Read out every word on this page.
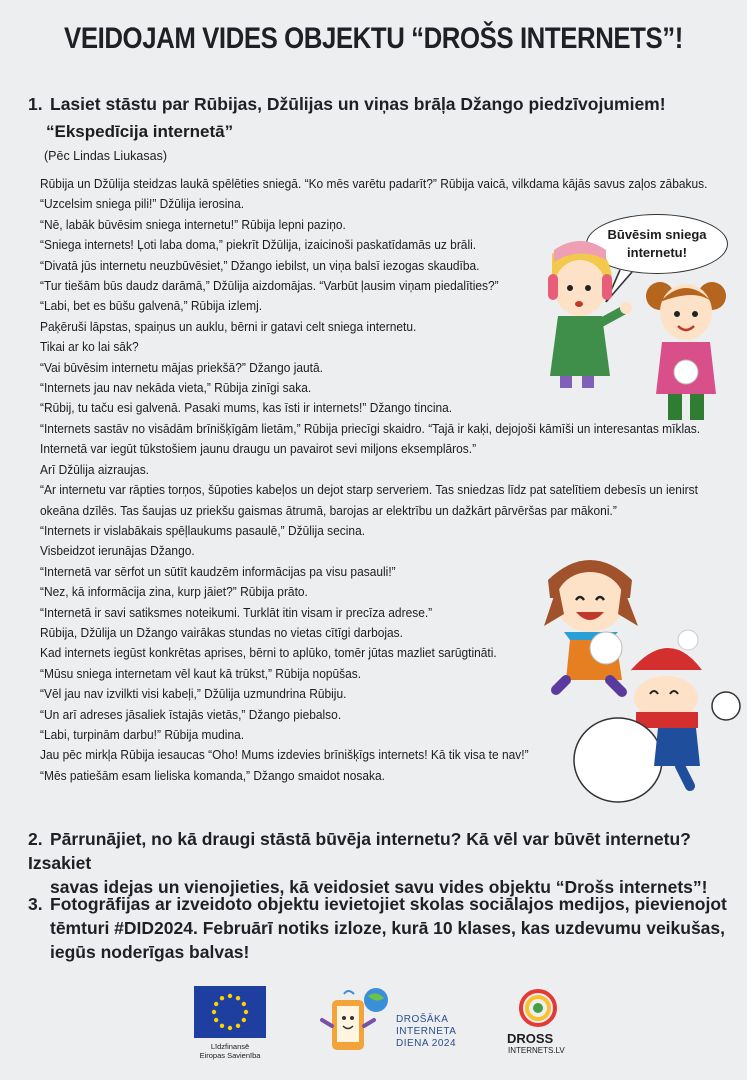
VEIDOJAM VIDES OBJEKTU “DROŠS INTERNETS”!
1. Lasiet stāstu par Rūbijas, Džūlijas un viņas brāļa Džango piedzīvojumiem!
“Ekspedīcija internetā”
(Pēc Lindas Liukasas)
Rūbija un Džūlija steidzas laukā spēlēties sniegā. “Ko mēs varētu padarīt?” Rūbija vaicā, vilkdama kājās savus zaļos zābakus.
“Uzcelsim sniega pili!” Džūlija ierosina.
“Nē, labāk būvēsim sniega internetu!” Rūbija lepni paziņo.
“Sniega internets! Ļoti laba doma,” piekrīt Džūlija, izaicinoši paskatīdamās uz brāli.
“Divatā jūs internetu neuzbūvēsiet,” Džango iebilst, un viņa balsī iezogas skaudība.
“Tur tiešām būs daudz darāmā,” Džūlija aizdomājas. “Varbūt ļausim viņam piedalīties?”
“Labi, bet es būšu galvenā,” Rūbija izlemj.
Paķēruši lāpstas, spaiņus un auklu, bērni ir gatavi celt sniega internetu.
Tikai ar ko lai sāk?
“Vai būvēsim internetu mājas priekšā?” Džango jautā.
“Internets jau nav nekāda vieta,” Rūbija zinīgi saka.
“Rūbij, tu taču esi galvenā. Pasaki mums, kas īsti ir internets!” Džango tincina.
“Internets sastāv no visādām brīnišķīgām lietām,” Rūbija priecīgi skaidro. “Tajā ir kaķi, dejojoši kāmīši un interesantas mīklas.
Internetā var iegūt tūkstošiem jaunu draugu un pavairot sevi miljons eksemplāros.”
Arī Džūlija aizraujas.
“Ar internetu var rāpties torņos, šūpoties kabeļos un dejot starp serveriem. Tas sniedzas līdz pat satelītiem debesīs un ienirst
okeāna dzīlēs. Tas šaujas uz priekšu gaismas ātrumā, barojas ar elektrību un dažkārt pārvēršas par mākoni.”
“Internets ir vislabākais spēļlaukums pasaulē,” Džūlija secina.
Visbeidzot ierunājas Džango.
“Internetā var sērfot un sūtīt kaudzēm informācijas pa visu pasauli!”
“Nez, kā informācija zina, kurp jāiet?” Rūbija prāto.
“Internetā ir savi satiksmes noteikumi. Turklāt itin visam ir precīza adrese.”
Rūbija, Džūlija un Džango vairākas stundas no vietas cītīgi darbojas.
Kad internets iegūst konkrētas aprises, bērni to aplūko, tomēr jūtas mazliet sarūgtināti.
“Mūsu sniega internetam vēl kaut kā trūkst,” Rūbija nopūšas.
“Vēl jau nav izvilkti visi kabeļi,” Džūlija uzmundrina Rūbiju.
“Un arī adreses jāsaliek īstajās vietās,” Džango piebalso.
“Labi, turpinām darbu!” Rūbija mudina.
Jau pēc mirkļa Rūbija iesaucas “Oho! Mums izdevies brīnišķīgs internets! Kā tik visa te nav!”
“Mēs patiešām esam lieliska komanda,” Džango smaidot nosaka.
Būvēsim sniega
internetu!
2. Pārrunājiet, no kā draugi stāstā būvēja internetu? Kā vēl var būvēt internetu? Izsakiet
savas idejas un vienojieties, kā veidosiet savu vides objektu “Drošs internets”!
3. Fotogrāfijas ar izveidoto objektu ievietojiet skolas sociālajos medijos, pievienojot
tēmturi #DID2024. Februārī notiks izloze, kurā 10 klases, kas uzdevumu veikušas,
iegūs noderīgas balvas!
Līdzfinansē
Eiropas Savienība
DROŠĀKA
INTERNETA
DIENA 2024	DROSS
INTERNETS.LV
